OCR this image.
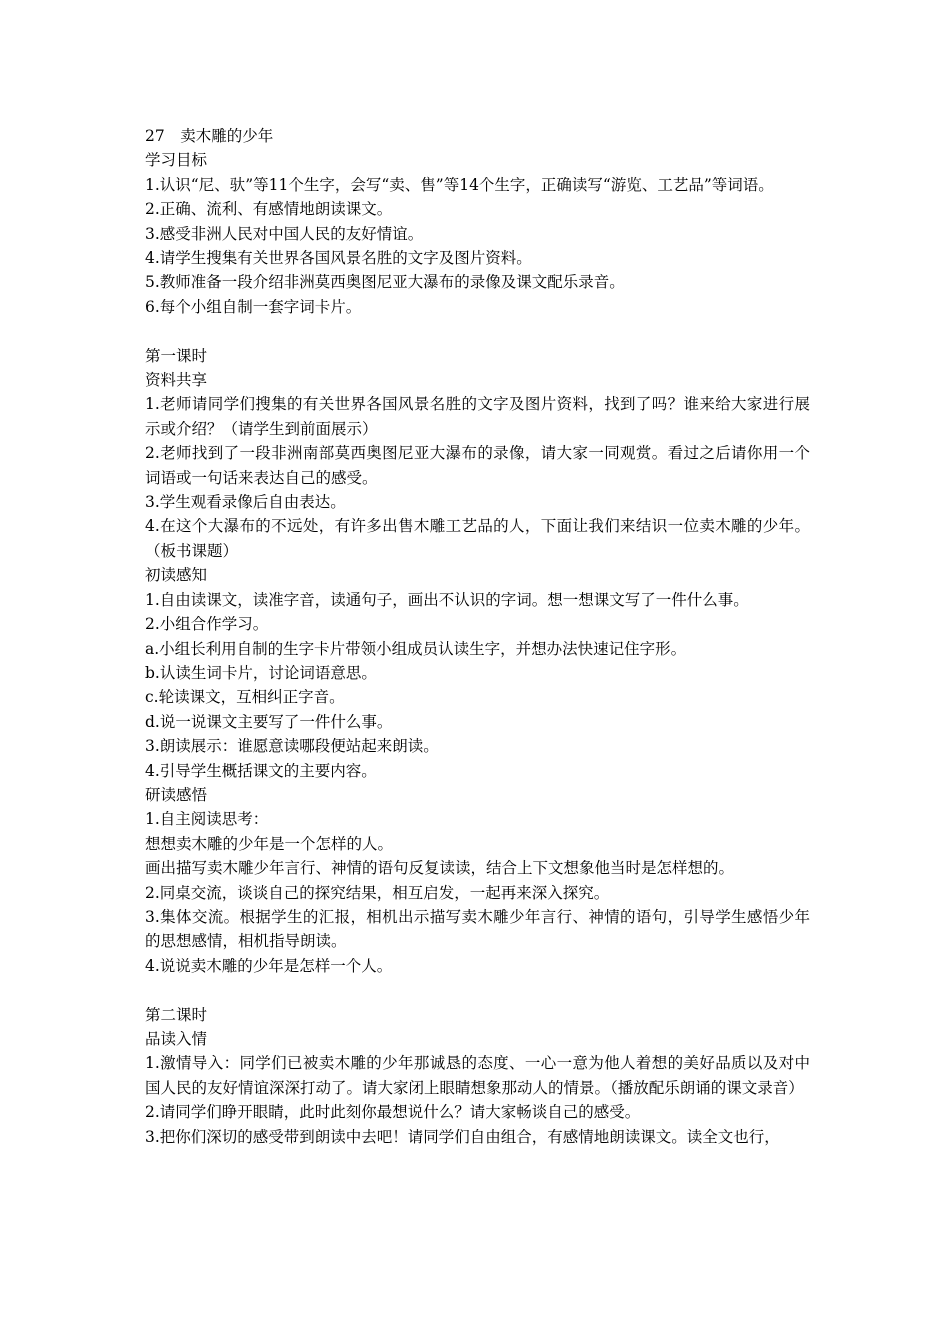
27　卖木雕的少年

学习目标

1.认识“尼、驮”等11个生字，会写“卖、售”等14个生字，正确读写“游览、工艺品”等词语。

2.正确、流利、有感情地朗读课文。

3.感受非洲人民对中国人民的友好情谊。

4.请学生搜集有关世界各国风景名胜的文字及图片资料。

5.教师准备一段介绍非洲莫西奥图尼亚大瀑布的录像及课文配乐录音。

6.每个小组自制一套字词卡片。

第一课时

资料共享

1.老师请同学们搜集的有关世界各国风景名胜的文字及图片资料，找到了吗？谁来给大家进行展示或介绍？（请学生到前面展示）

2.老师找到了一段非洲南部莫西奥图尼亚大瀑布的录像，请大家一同观赏。看过之后请你用一个词语或一句话来表达自己的感受。

3.学生观看录像后自由表达。

4.在这个大瀑布的不远处，有许多出售木雕工艺品的人，下面让我们来结识一位卖木雕的少年。（板书课题）

初读感知

1.自由读课文，读准字音，读通句子，画出不认识的字词。想一想课文写了一件什么事。

2.小组合作学习。

a.小组长利用自制的生字卡片带领小组成员认读生字，并想办法快速记住字形。

b.认读生词卡片，讨论词语意思。

c.轮读课文，互相纠正字音。

d.说一说课文主要写了一件什么事。

3.朗读展示：谁愿意读哪段便站起来朗读。

4.引导学生概括课文的主要内容。

研读感悟

1.自主阅读思考：

想想卖木雕的少年是一个怎样的人。

画出描写卖木雕少年言行、神情的语句反复读读，结合上下文想象他当时是怎样想的。

2.同桌交流，谈谈自己的探究结果，相互启发，一起再来深入探究。

3.集体交流。根据学生的汇报，相机出示描写卖木雕少年言行、神情的语句，引导学生感悟少年的思想感情，相机指导朗读。

4.说说卖木雕的少年是怎样一个人。

第二课时

品读入情

1.激情导入：同学们已被卖木雕的少年那诚恳的态度、一心一意为他人着想的美好品质以及对中国人民的友好情谊深深打动了。请大家闭上眼睛想象那动人的情景。（播放配乐朗诵的课文录音）

2.请同学们睁开眼睛，此时此刻你最想说什么？请大家畅谈自己的感受。

3.把你们深切的感受带到朗读中去吧！请同学们自由组合，有感情地朗读课文。读全文也行，
